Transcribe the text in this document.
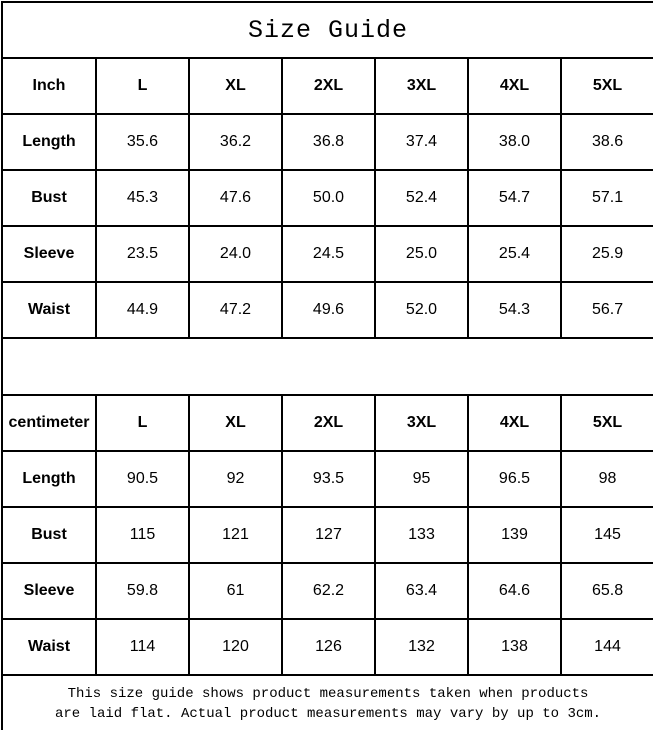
Size Guide						
Inch	L	XL	2XL	3XL	4XL	5XL
Length	35.6	36.2	36.8	37.4	38.0	38.6
Bust	45.3	47.6	50.0	52.4	54.7	57.1
Sleeve	23.5	24.0	24.5	25.0	25.4	25.9
Waist	44.9	47.2	49.6	52.0	54.3	56.7

centimeter	L	XL	2XL	3XL	4XL	5XL
Length	90.5	92	93.5	95	96.5	98
Bust	115	121	127	133	139	145
Sleeve	59.8	61	62.2	63.4	64.6	65.8
Waist	114	120	126	132	138	144

This size guide shows product measurements taken when products
are laid flat. Actual product measurements may vary by up to 3cm.						
